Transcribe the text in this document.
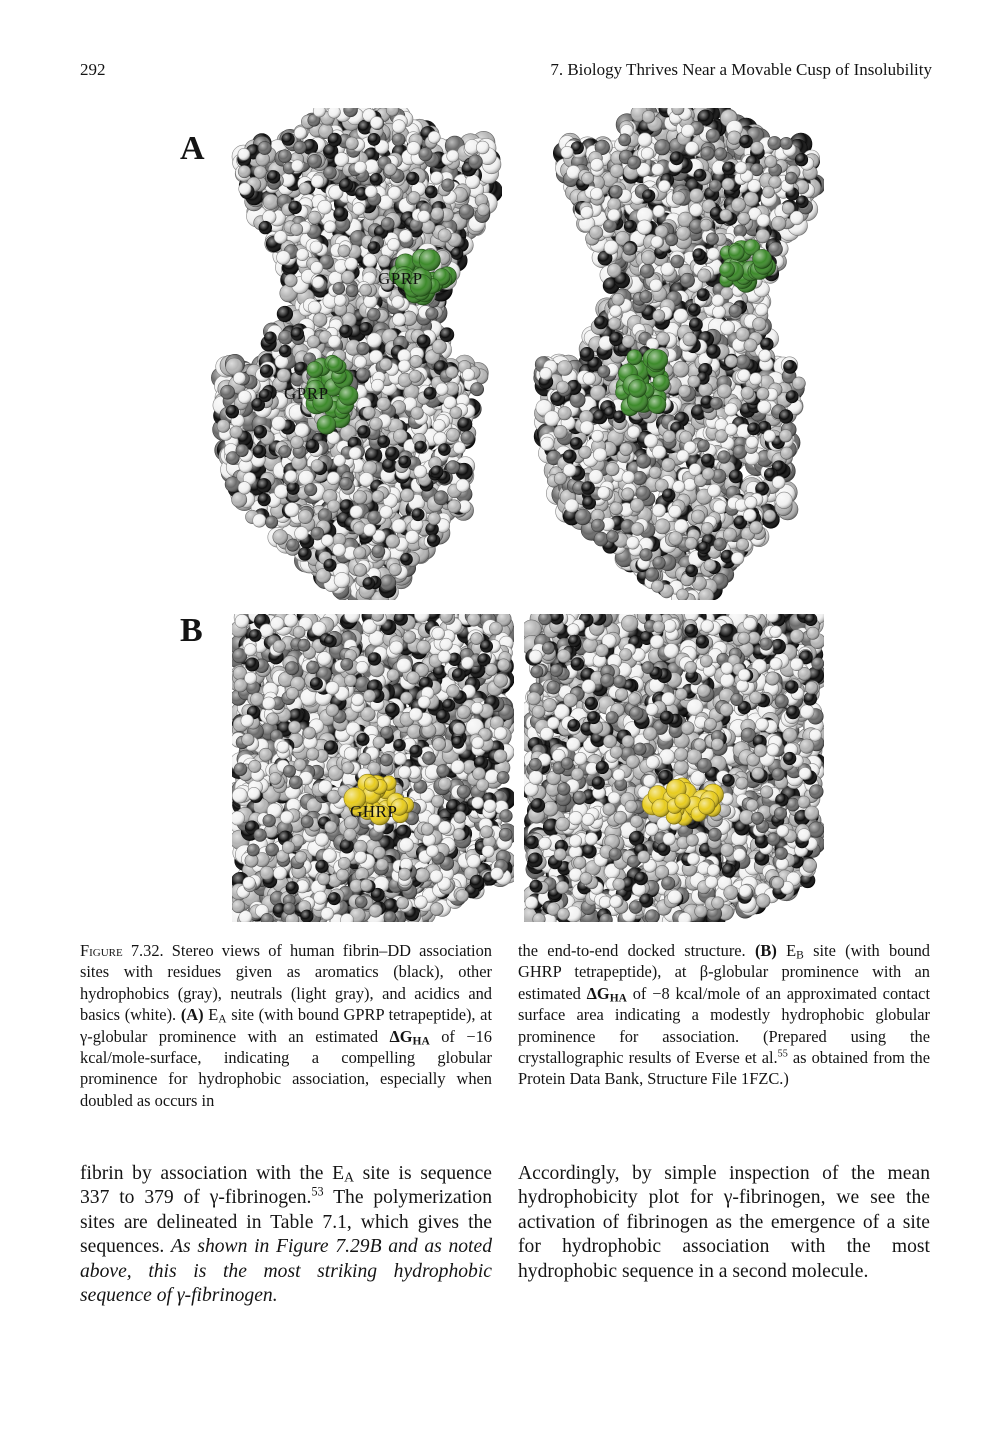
292	7. Biology Thrives Near a Movable Cusp of Insolubility
A
B
GPRP
GPRP
GHRP
Figure 7.32. Stereo views of human fibrin–DD association sites with residues given as aromatics (black), other hydrophobics (gray), neutrals (light gray), and acidics and basics (white). (A) EA site (with bound GPRP tetrapeptide), at γ-globular prominence with an estimated ΔGHA of −16 kcal/mole-surface, indicating a compelling globular prominence for hydrophobic association, especially when doubled as occurs in
the end-to-end docked structure. (B) EB site (with bound GHRP tetrapeptide), at β-globular prominence with an estimated ΔGHA of −8 kcal/mole of an approximated contact surface area indicating a modestly hydrophobic globular prominence for association. (Prepared using the crystallographic results of Everse et al.$^{55}$ as obtained from the Protein Data Bank, Structure File 1FZC.)
fibrin by association with the $E_A$ site is sequence 337 to 379 of γ-fibrinogen.$^{53}$ The polymerization sites are delineated in Table 7.1, which gives the sequences. As shown in Figure 7.29B and as noted above, this is the most striking hydrophobic sequence of γ-fibrinogen.
Accordingly, by simple inspection of the mean hydrophobicity plot for γ-fibrinogen, we see the activation of fibrinogen as the emergence of a site for hydrophobic association with the most hydrophobic sequence in a second molecule.
